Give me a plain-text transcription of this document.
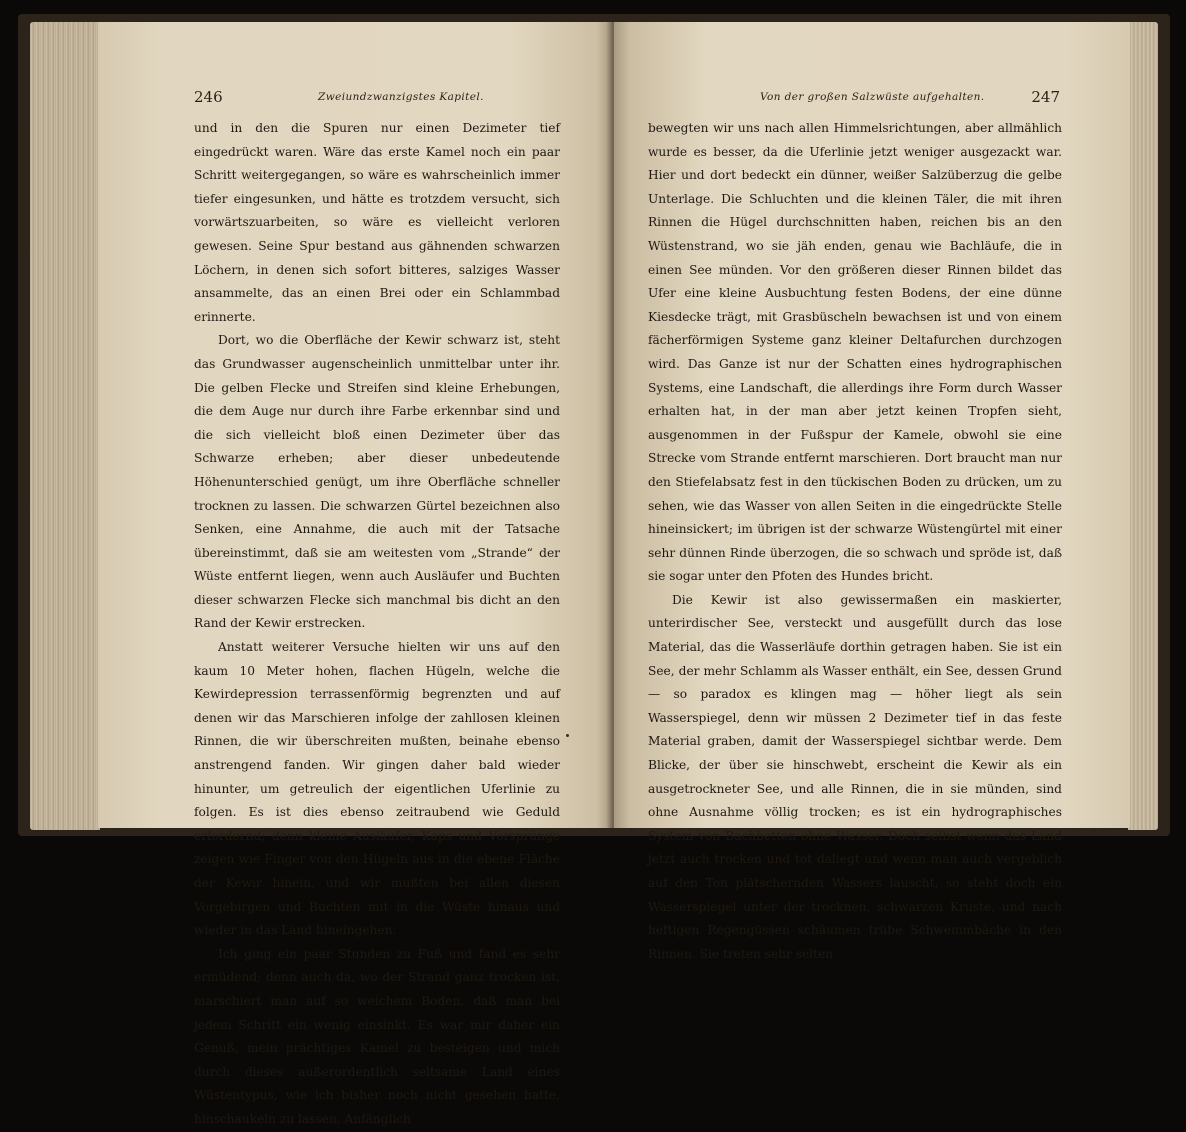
246	Zweiundzwanzigstes Kapitel.

und in den die Spuren nur einen Dezimeter tief eingedrückt waren. Wäre das erste Kamel noch ein paar Schritt weitergegangen, so wäre es wahrscheinlich immer tiefer eingesunken, und hätte es trotzdem versucht, sich vorwärtszuarbeiten, so wäre es vielleicht verloren gewesen. Seine Spur bestand aus gähnenden schwarzen Löchern, in denen sich sofort bitteres, salziges Wasser ansammelte, das an einen Brei oder ein Schlammbad erinnerte.

Dort, wo die Oberfläche der Kewir schwarz ist, steht das Grundwasser augenscheinlich unmittelbar unter ihr. Die gelben Flecke und Streifen sind kleine Erhebungen, die dem Auge nur durch ihre Farbe erkennbar sind und die sich vielleicht bloß einen Dezimeter über das Schwarze erheben; aber dieser unbedeutende Höhenunterschied genügt, um ihre Oberfläche schneller trocknen zu lassen. Die schwarzen Gürtel bezeichnen also Senken, eine Annahme, die auch mit der Tatsache übereinstimmt, daß sie am weitesten vom „Strande“ der Wüste entfernt liegen, wenn auch Ausläufer und Buchten dieser schwarzen Flecke sich manchmal bis dicht an den Rand der Kewir erstrecken.

Anstatt weiterer Versuche hielten wir uns auf den kaum 10 Meter hohen, flachen Hügeln, welche die Kewirdepression terrassenförmig begrenzten und auf denen wir das Marschieren infolge der zahllosen kleinen Rinnen, die wir überschreiten mußten, beinahe ebenso anstrengend fanden. Wir gingen daher bald wieder hinunter, um getreulich der eigentlichen Uferlinie zu folgen. Es ist dies ebenso zeitraubend wie Geduld erfordernd; denn kleine Ausläufer, Kaps und Vorsprünge zeigen wie Finger von den Hügeln aus in die ebene Fläche der Kewir hinein, und wir mußten bei allen diesen Vorgebirgen und Buchten mit in die Wüste hinaus und wieder in das Land hineingehen.

Ich ging ein paar Stunden zu Fuß und fand es sehr ermüdend; denn auch da, wo der Strand ganz trocken ist, marschiert man auf so weichem Boden, daß man bei jedem Schritt ein wenig einsinkt. Es war mir daher ein Genuß, mein prächtiges Kamel zu besteigen und mich durch dieses außerordentlich seltsame Land eines Wüstentypus, wie ich bisher noch nicht gesehen hatte, hinschaukeln zu lassen. Anfänglich

Von der großen Salzwüste aufgehalten.	247

bewegten wir uns nach allen Himmelsrichtungen, aber allmählich wurde es besser, da die Uferlinie jetzt weniger ausgezackt war. Hier und dort bedeckt ein dünner, weißer Salzüberzug die gelbe Unterlage. Die Schluchten und die kleinen Täler, die mit ihren Rinnen die Hügel durchschnitten haben, reichen bis an den Wüstenstrand, wo sie jäh enden, genau wie Bachläufe, die in einen See münden. Vor den größeren dieser Rinnen bildet das Ufer eine kleine Ausbuchtung festen Bodens, der eine dünne Kiesdecke trägt, mit Grasbüscheln bewachsen ist und von einem fächerförmigen Systeme ganz kleiner Deltafurchen durchzogen wird. Das Ganze ist nur der Schatten eines hydrographischen Systems, eine Landschaft, die allerdings ihre Form durch Wasser erhalten hat, in der man aber jetzt keinen Tropfen sieht, ausgenommen in der Fußspur der Kamele, obwohl sie eine Strecke vom Strande entfernt marschieren. Dort braucht man nur den Stiefelabsatz fest in den tückischen Boden zu drücken, um zu sehen, wie das Wasser von allen Seiten in die eingedrückte Stelle hineinsickert; im übrigen ist der schwarze Wüstengürtel mit einer sehr dünnen Rinde überzogen, die so schwach und spröde ist, daß sie sogar unter den Pfoten des Hundes bricht.

Die Kewir ist also gewissermaßen ein maskierter, unterirdischer See, versteckt und ausgefüllt durch das lose Material, das die Wasserläufe dorthin getragen haben. Sie ist ein See, der mehr Schlamm als Wasser enthält, ein See, dessen Grund — so paradox es klingen mag — höher liegt als sein Wasserspiegel, denn wir müssen 2 Dezimeter tief in das feste Material graben, damit der Wasserspiegel sichtbar werde. Dem Blicke, der über sie hinschwebt, erscheint die Kewir als ein ausgetrockneter See, und alle Rinnen, die in sie münden, sind ohne Ausnahme völlig trocken; es ist ein hydrographisches System von Bachbetten ohne Wasser. Doch selbst wenn das Land jetzt auch trocken und tot daliegt und wenn man auch vergeblich auf den Ton plätschernden Wassers lauscht, so steht doch ein Wasserspiegel unter der trocknen, schwarzen Kruste, und nach heftigen Regengüssen schäumen trübe Schwemmbäche in den Rinnen. Sie treten sehr selten
